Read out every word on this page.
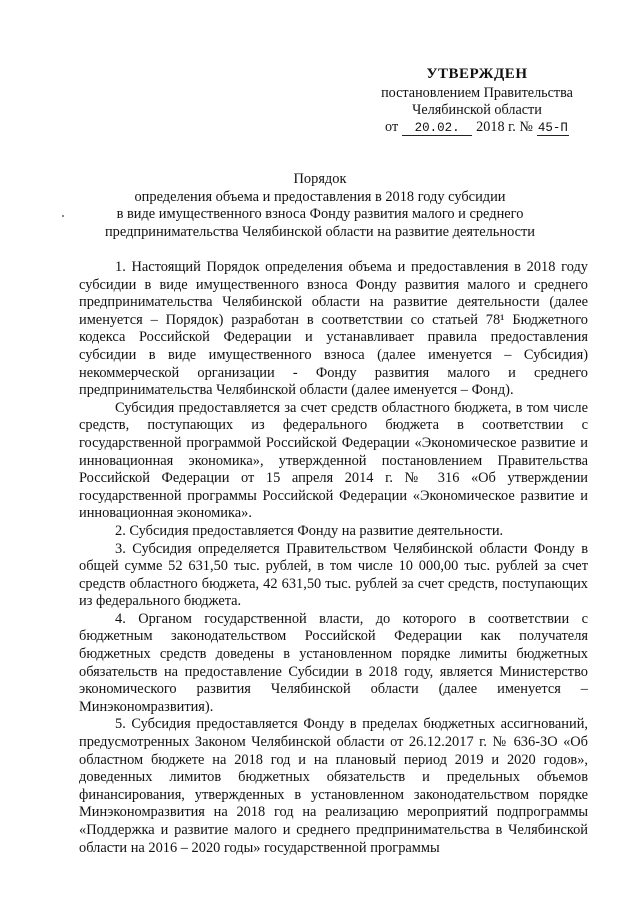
УТВЕРЖДЕН
постановлением Правительства
Челябинской области
от	20.02.	2018 г. № 45-П
Порядок
определения объема и предоставления в 2018 году субсидии
в виде имущественного взноса Фонду развития малого и среднего
предпринимательства Челябинской области на развитие деятельности

1. Настоящий Порядок определения объема и предоставления в 2018 году субсидии в виде имущественного взноса Фонду развития малого и среднего предпринимательства Челябинской области на развитие деятельности (далее именуется – Порядок) разработан в соответствии со статьей 78¹ Бюджетного кодекса Российской Федерации и устанавливает правила предоставления субсидии в виде имущественного взноса (далее именуется – Субсидия) некоммерческой организации - Фонду развития малого и среднего предпринимательства Челябинской области (далее именуется – Фонд).

Субсидия предоставляется за счет средств областного бюджета, в том числе средств, поступающих из федерального бюджета в соответствии с государственной программой Российской Федерации «Экономическое развитие и инновационная экономика», утвержденной постановлением Правительства Российской Федерации от 15 апреля 2014 г. № 316 «Об утверждении государственной программы Российской Федерации «Экономическое развитие и инновационная экономика».

2. Субсидия предоставляется Фонду на развитие деятельности.

3. Субсидия определяется Правительством Челябинской области Фонду в общей сумме 52 631,50 тыс. рублей, в том числе 10 000,00 тыс. рублей за счет средств областного бюджета, 42 631,50 тыс. рублей за счет средств, поступающих из федерального бюджета.

4. Органом государственной власти, до которого в соответствии с бюджетным законодательством Российской Федерации как получателя бюджетных средств доведены в установленном порядке лимиты бюджетных обязательств на предоставление Субсидии в 2018 году, является Министерство экономического развития Челябинской области (далее именуется – Минэкономразвития).

5. Субсидия предоставляется Фонду в пределах бюджетных ассигнований, предусмотренных Законом Челябинской области от 26.12.2017 г. № 636-ЗО «Об областном бюджете на 2018 год и на плановый период 2019 и 2020 годов», доведенных лимитов бюджетных обязательств и предельных объемов финансирования, утвержденных в установленном законодательством порядке Минэкономразвития на 2018 год на реализацию мероприятий подпрограммы «Поддержка и развитие малого и среднего предпринимательства в Челябинской области на 2016 – 2020 годы» государственной программы
